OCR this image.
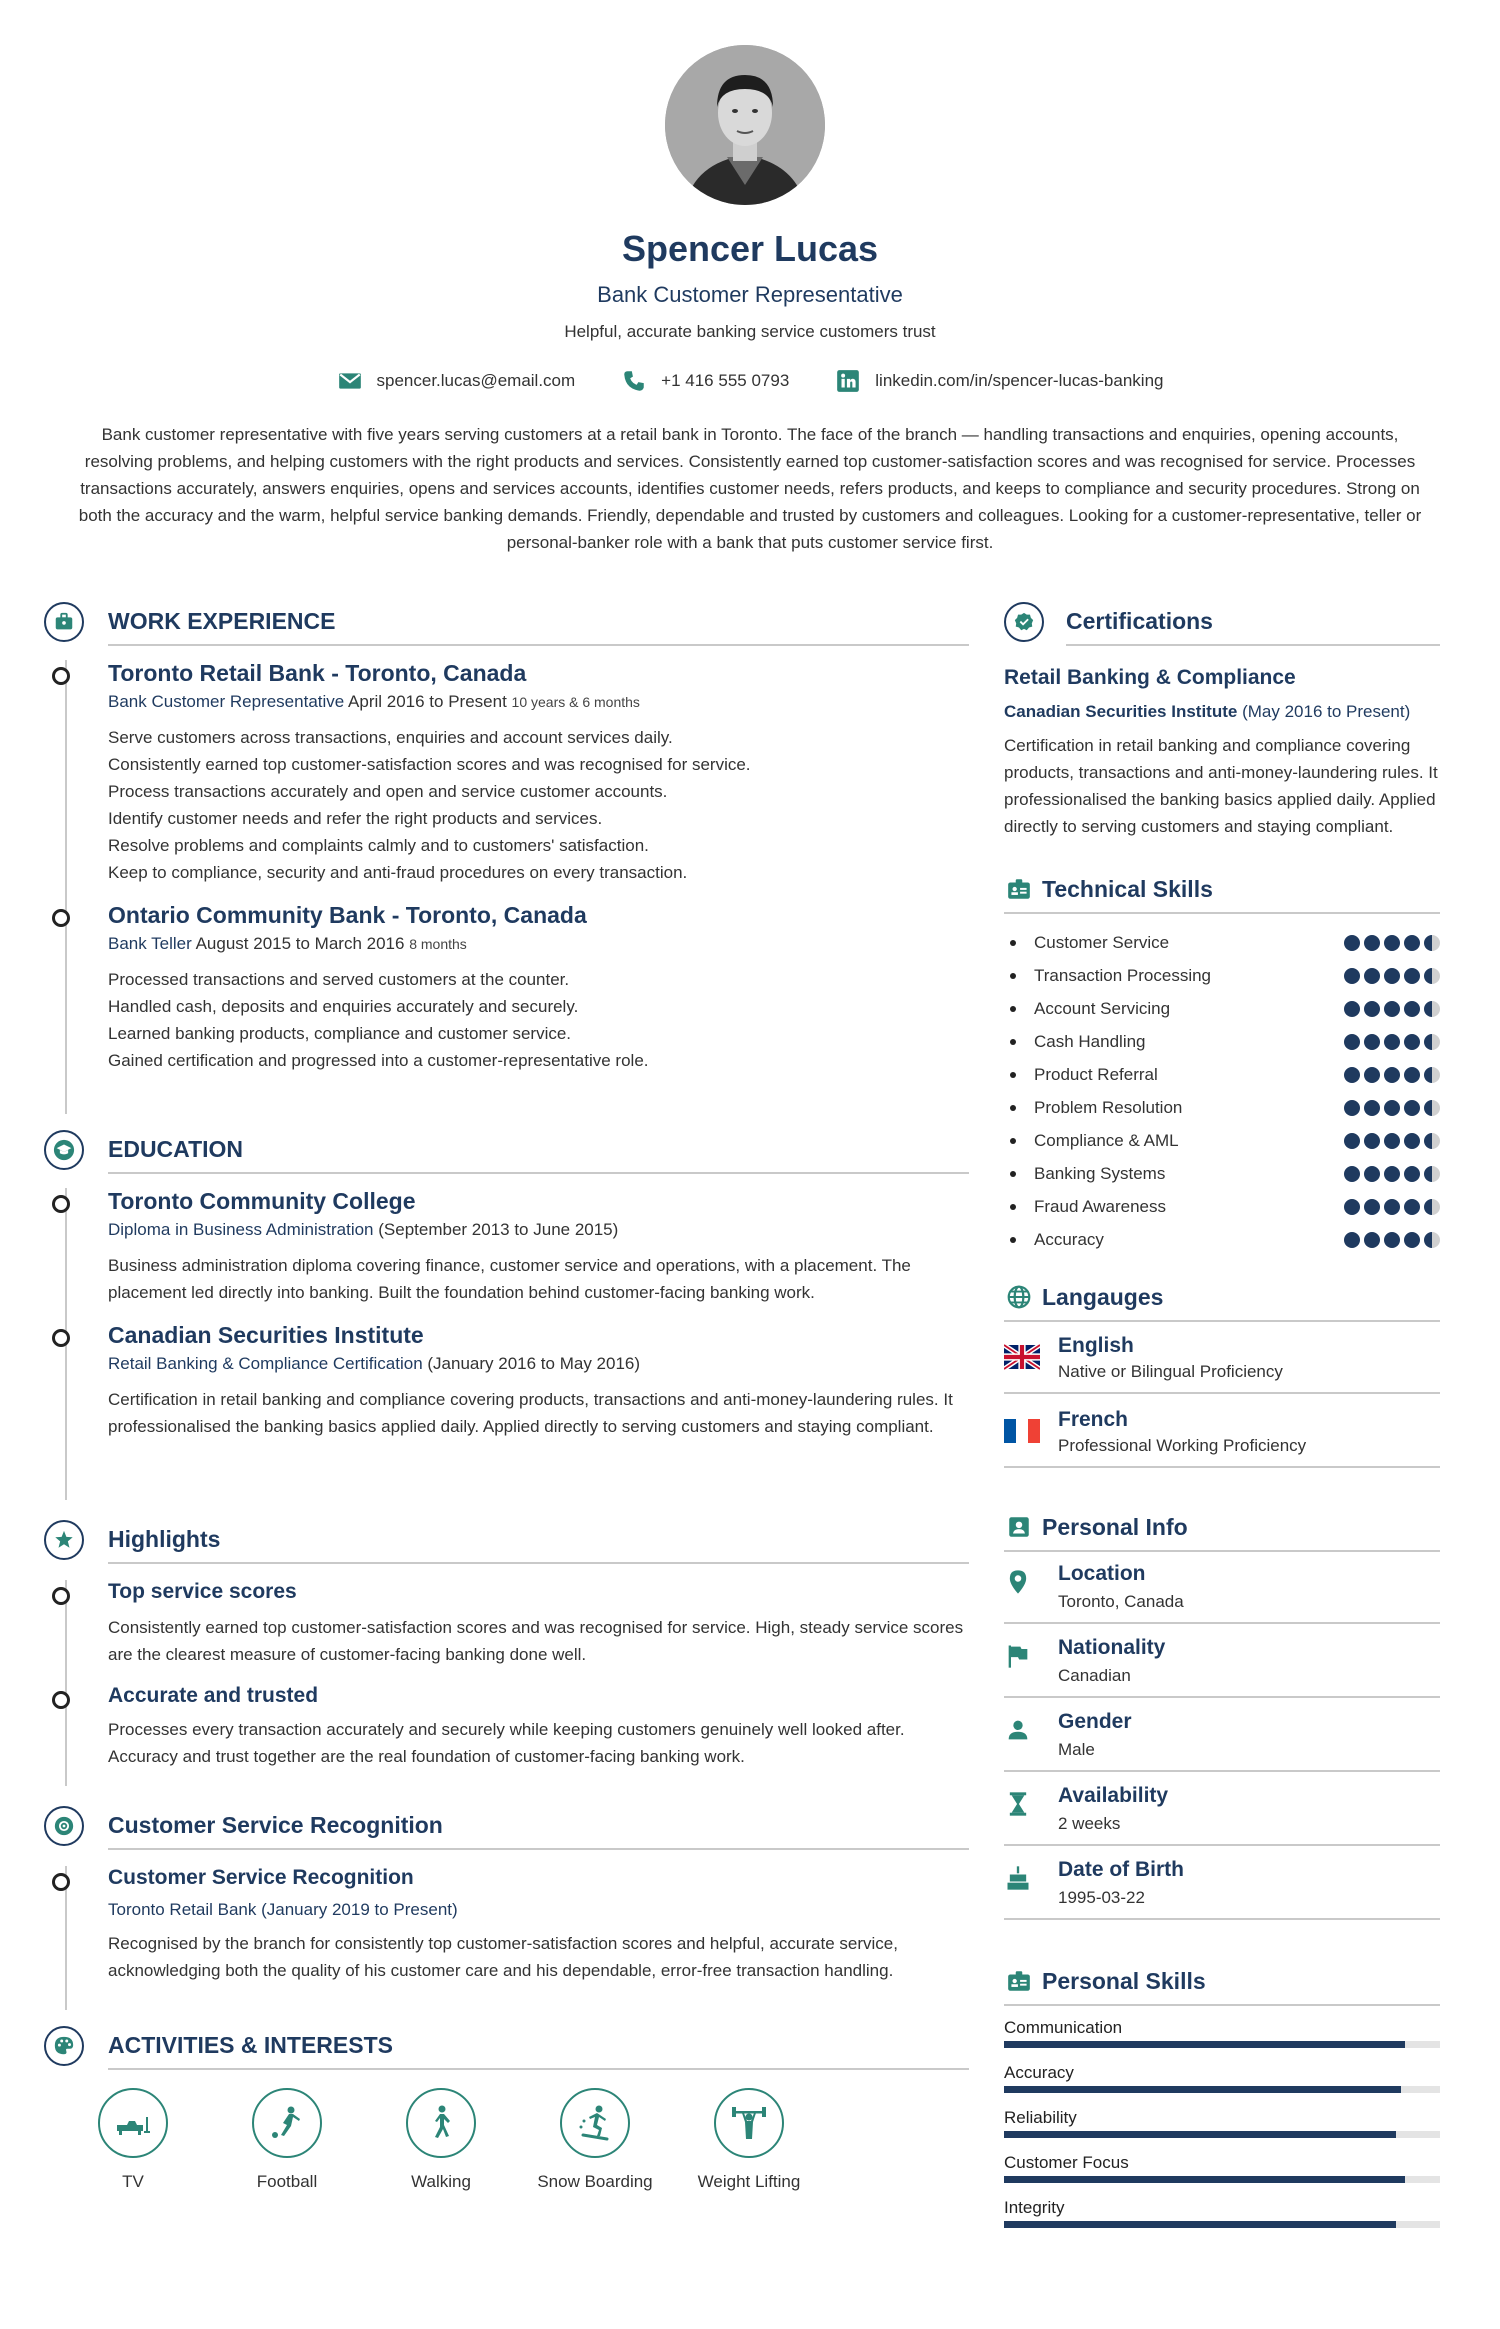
Spencer Lucas
Bank Customer Representative
Helpful, accurate banking service customers trust
spencer.lucas@email.com	+1 416 555 0793	linkedin.com/in/spencer-lucas-banking
Bank customer representative with five years serving customers at a retail bank in Toronto. The face of the branch — handling transactions and enquiries, opening accounts, resolving problems, and helping customers with the right products and services. Consistently earned top customer-satisfaction scores and was recognised for service. Processes transactions accurately, answers enquiries, opens and services accounts, identifies customer needs, refers products, and keeps to compliance and security procedures. Strong on both the accuracy and the warm, helpful service banking demands. Friendly, dependable and trusted by customers and colleagues. Looking for a customer-representative, teller or personal-banker role with a bank that puts customer service first.
WORK EXPERIENCE
Toronto Retail Bank - Toronto, Canada
Bank Customer Representative April 2016 to Present 10 years & 6 months
Serve customers across transactions, enquiries and account services daily.
Consistently earned top customer-satisfaction scores and was recognised for service.
Process transactions accurately and open and service customer accounts.
Identify customer needs and refer the right products and services.
Resolve problems and complaints calmly and to customers' satisfaction.
Keep to compliance, security and anti-fraud procedures on every transaction.
Ontario Community Bank - Toronto, Canada
Bank Teller August 2015 to March 2016 8 months
Processed transactions and served customers at the counter.
Handled cash, deposits and enquiries accurately and securely.
Learned banking products, compliance and customer service.
Gained certification and progressed into a customer-representative role.
EDUCATION
Toronto Community College
Diploma in Business Administration (September 2013 to June 2015)
Business administration diploma covering finance, customer service and operations, with a placement. The placement led directly into banking. Built the foundation behind customer-facing banking work.
Canadian Securities Institute
Retail Banking & Compliance Certification (January 2016 to May 2016)
Certification in retail banking and compliance covering products, transactions and anti-money-laundering rules. It professionalised the banking basics applied daily. Applied directly to serving customers and staying compliant.
Highlights
Top service scores
Consistently earned top customer-satisfaction scores and was recognised for service. High, steady service scores are the clearest measure of customer-facing banking done well.
Accurate and trusted
Processes every transaction accurately and securely while keeping customers genuinely well looked after. Accuracy and trust together are the real foundation of customer-facing banking work.
Customer Service Recognition
Customer Service Recognition
Toronto Retail Bank (January 2019 to Present)
Recognised by the branch for consistently top customer-satisfaction scores and helpful, accurate service, acknowledging both the quality of his customer care and his dependable, error-free transaction handling.
ACTIVITIES & INTERESTS
TV	Football	Walking	Snow Boarding	Weight Lifting
Certifications
Retail Banking & Compliance
Canadian Securities Institute (May 2016 to Present)
Certification in retail banking and compliance covering products, transactions and anti-money-laundering rules. It professionalised the banking basics applied daily. Applied directly to serving customers and staying compliant.
Technical Skills
Customer Service
Transaction Processing
Account Servicing
Cash Handling
Product Referral
Problem Resolution
Compliance & AML
Banking Systems
Fraud Awareness
Accuracy
Langauges
English
Native or Bilingual Proficiency
French
Professional Working Proficiency
Personal Info
Location
Toronto, Canada
Nationality
Canadian
Gender
Male
Availability
2 weeks
Date of Birth
1995-03-22
Personal Skills
Communication
Accuracy
Reliability
Customer Focus
Integrity
